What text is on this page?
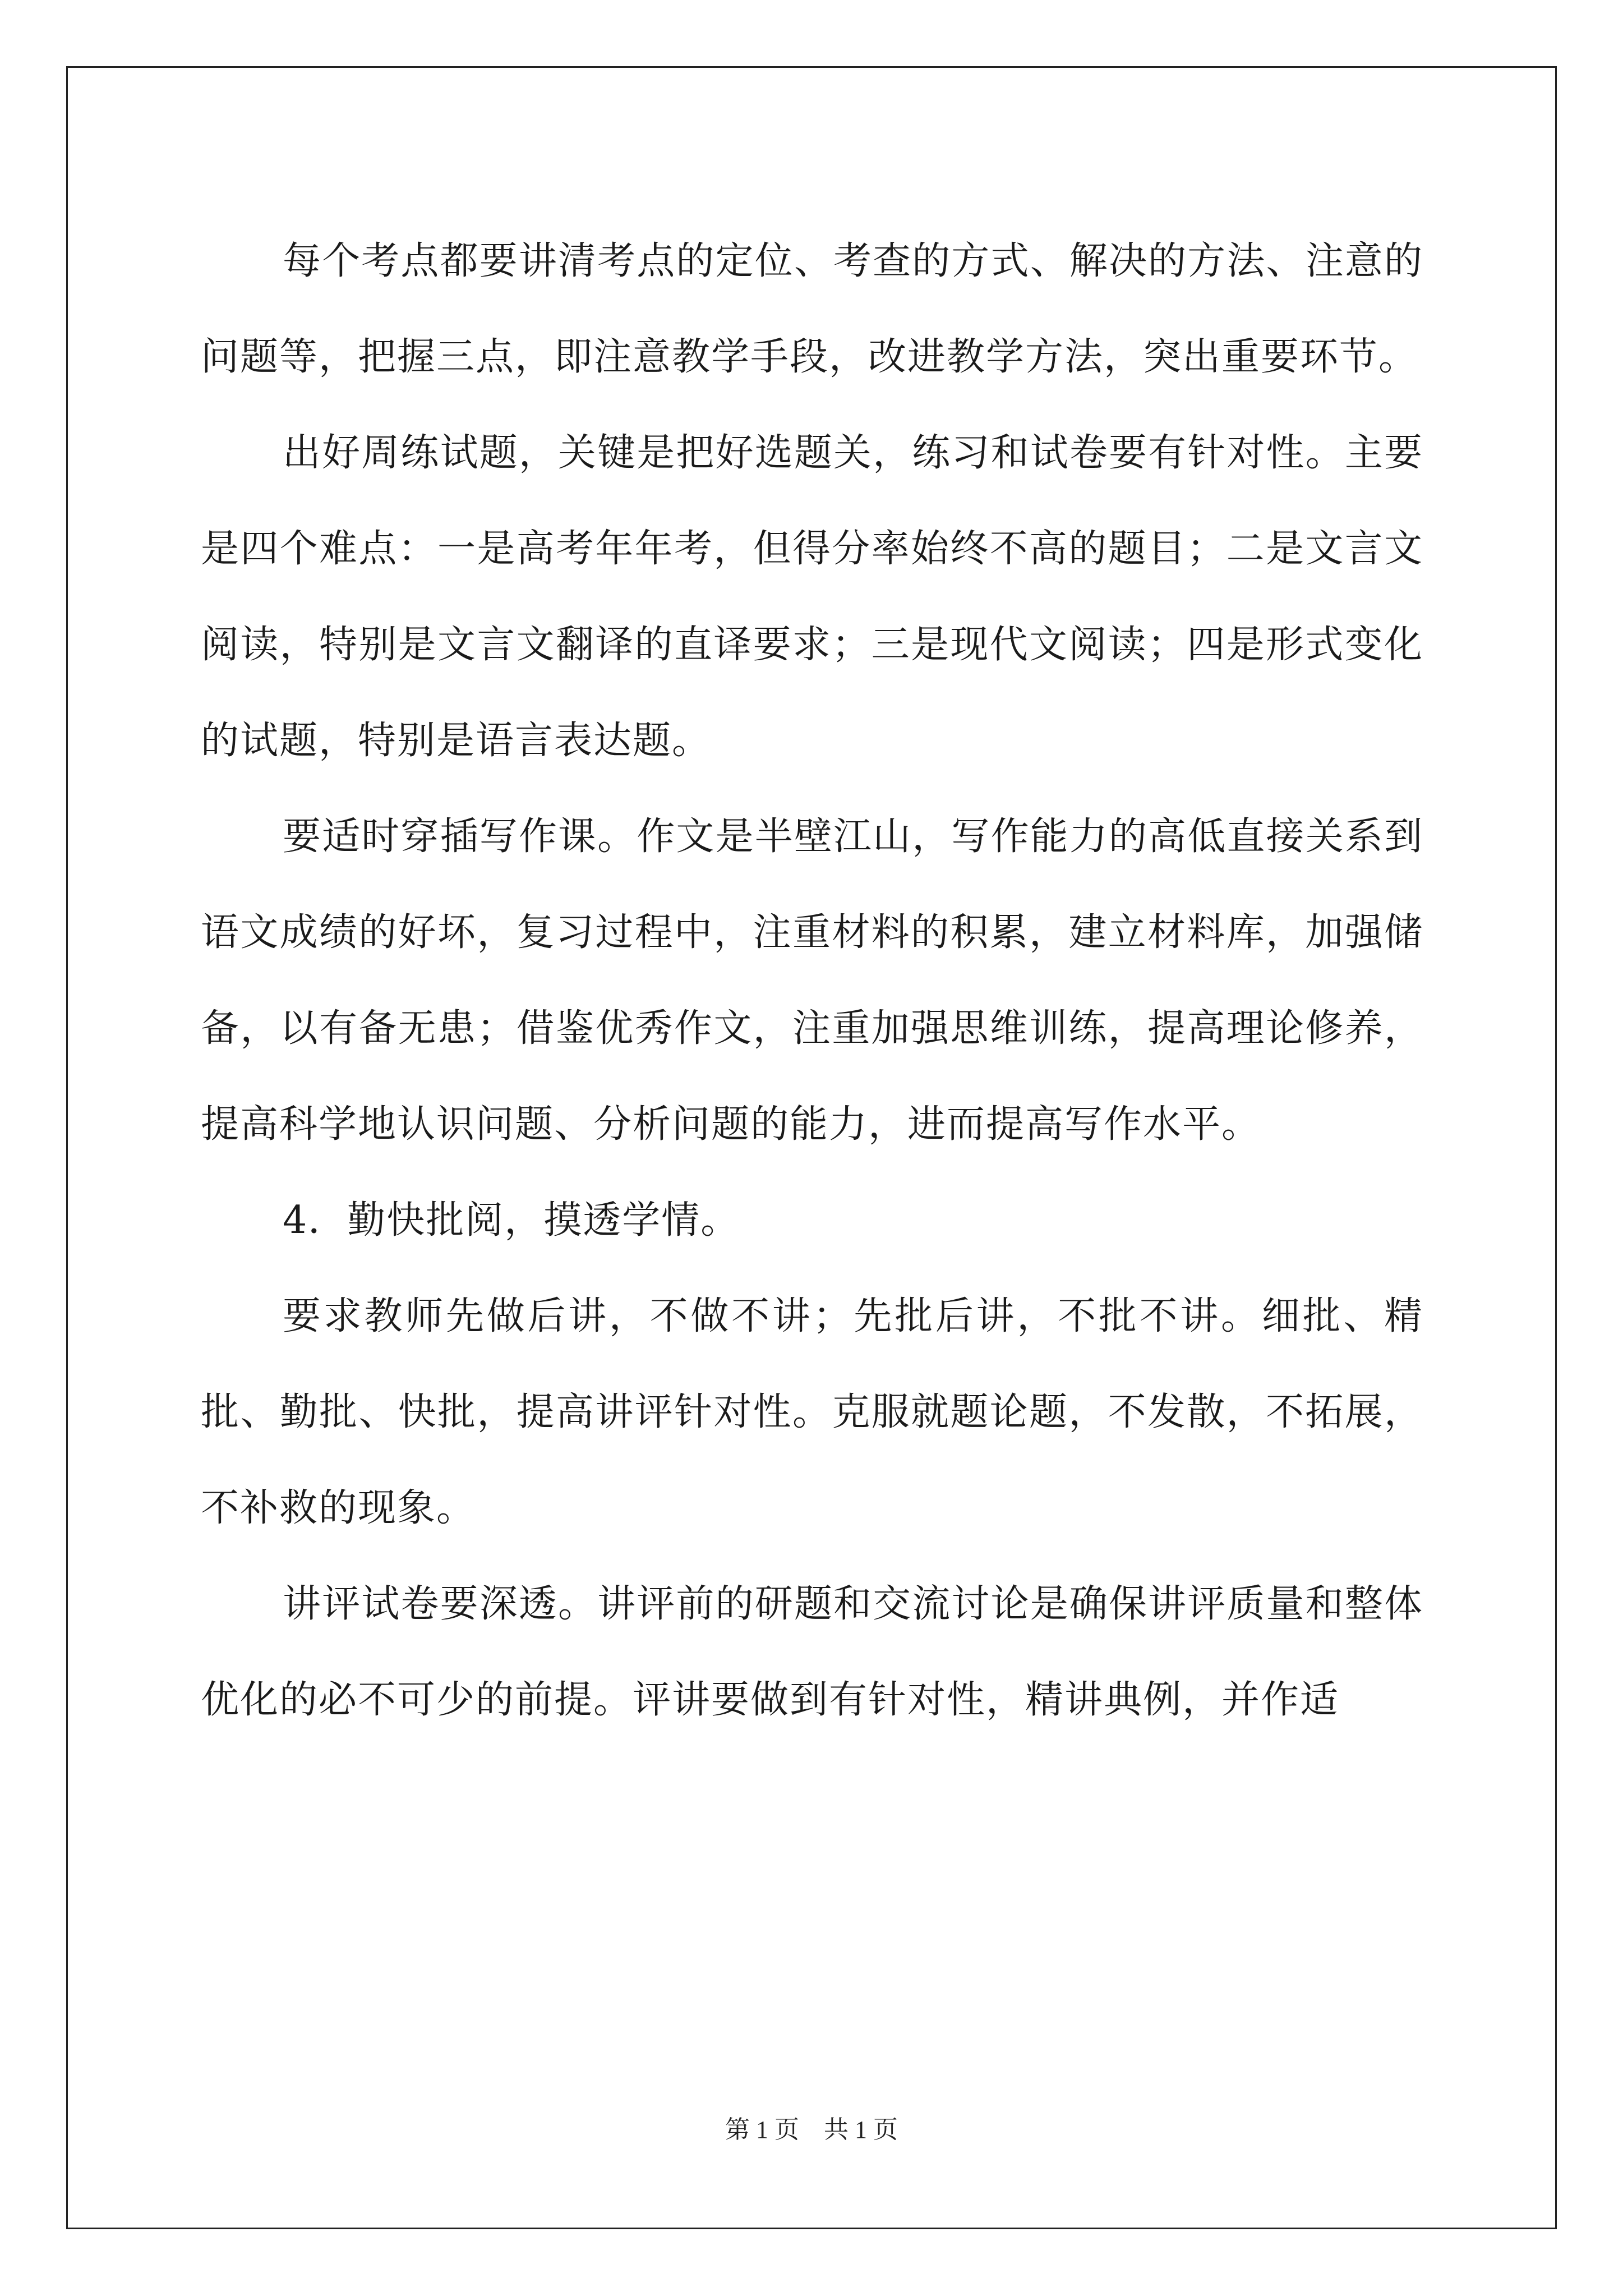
每个考点都要讲清考点的定位、考查的方式、解决的方法、注意的问题等，把握三点，即注意教学手段，改进教学方法，突出重要环节。

出好周练试题，关键是把好选题关，练习和试卷要有针对性。主要是四个难点：一是高考年年考，但得分率始终不高的题目；二是文言文阅读，特别是文言文翻译的直译要求；三是现代文阅读；四是形式变化的试题，特别是语言表达题。

要适时穿插写作课。作文是半壁江山，写作能力的高低直接关系到语文成绩的好坏，复习过程中，注重材料的积累，建立材料库，加强储备，以有备无患；借鉴优秀作文，注重加强思维训练，提高理论修养，提高科学地认识问题、分析问题的能力，进而提高写作水平。

4．勤快批阅，摸透学情。

要求教师先做后讲，不做不讲；先批后讲，不批不讲。细批、精批、勤批、快批，提高讲评针对性。克服就题论题，不发散，不拓展，不补救的现象。

讲评试卷要深透。讲评前的研题和交流讨论是确保讲评质量和整体优化的必不可少的前提。评讲要做到有针对性，精讲典例，并作适

第 1 页　共 1 页
